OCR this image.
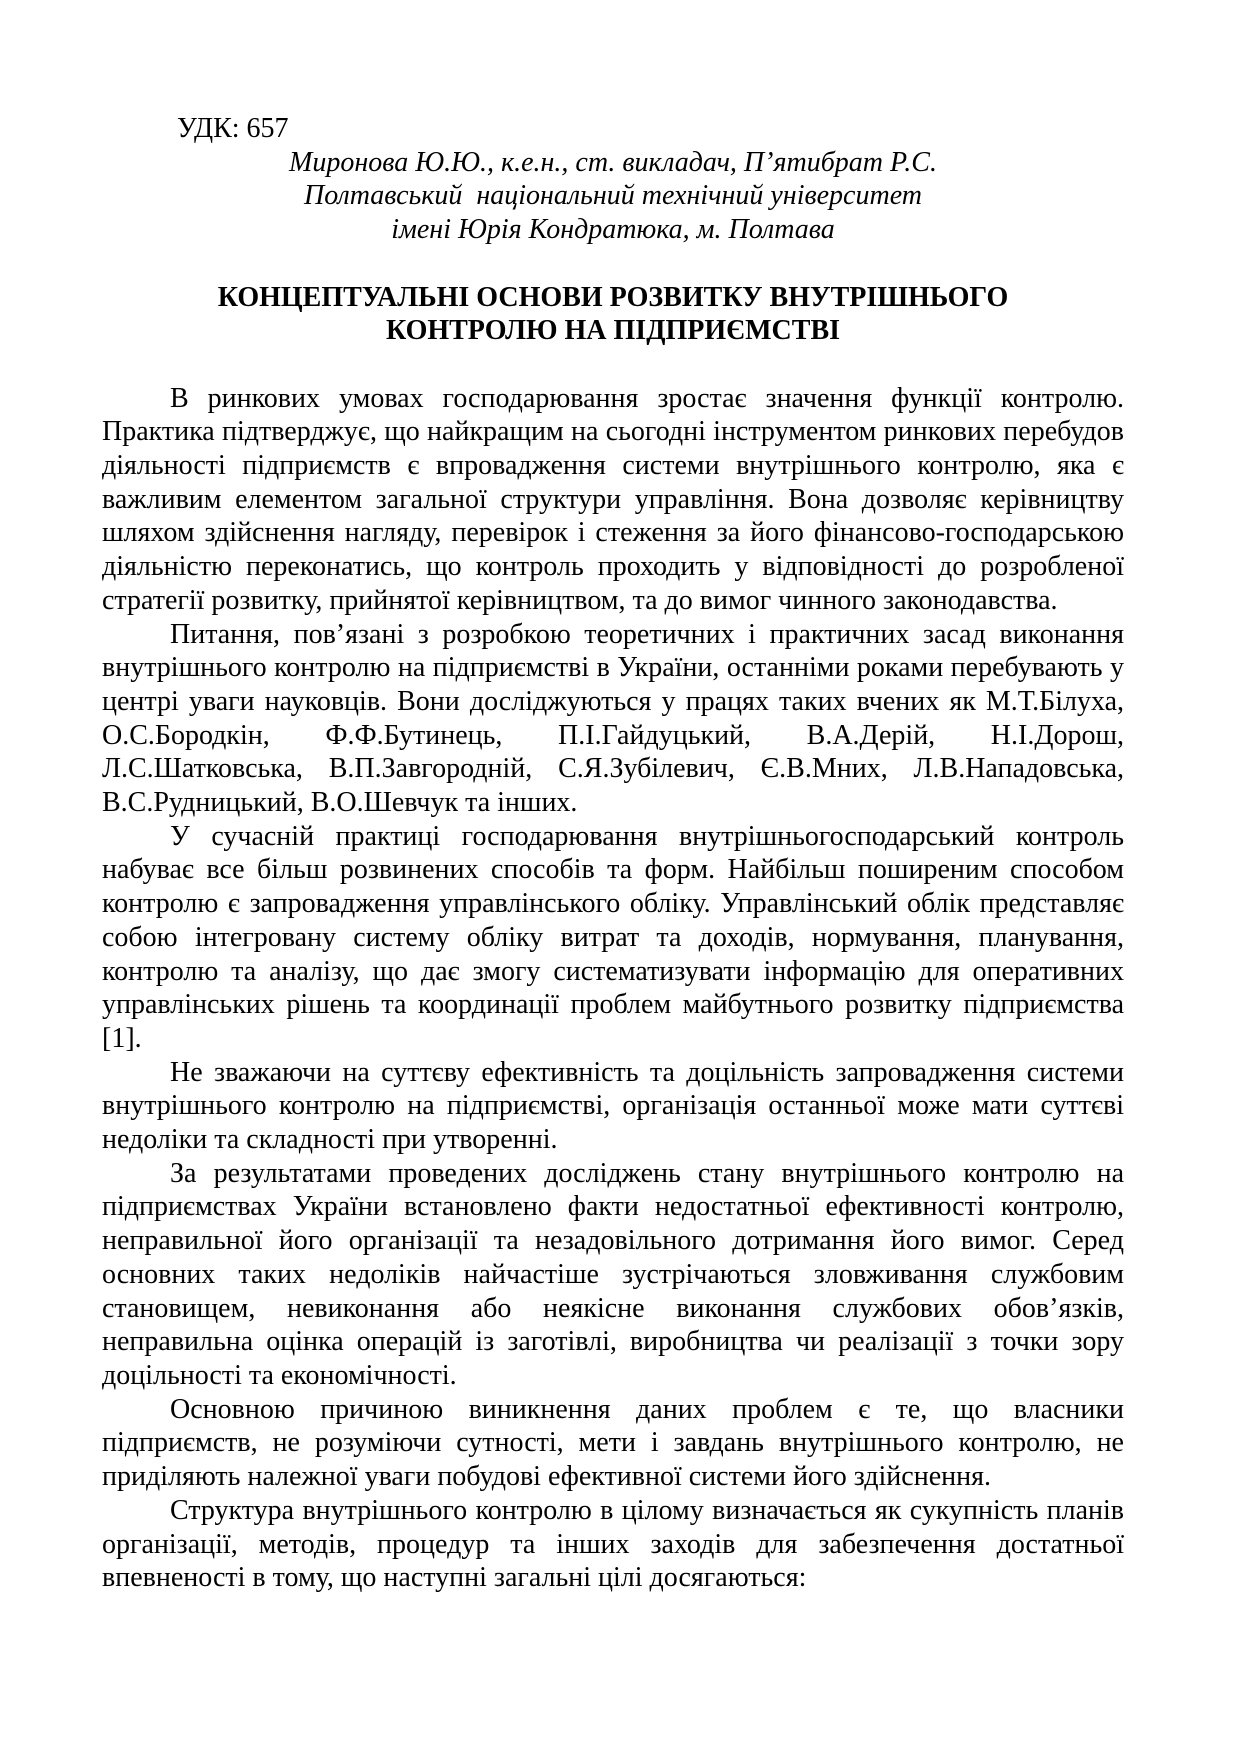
УДК: 657
Миронова Ю.Ю., к.е.н., ст. викладач, П’ятибрат Р.С.
Полтавський  національний технічний університет
імені Юрія Кондратюка, м. Полтава
КОНЦЕПТУАЛЬНІ ОСНОВИ РОЗВИТКУ ВНУТРІШНЬОГО
КОНТРОЛЮ НА ПІДПРИЄМСТВІ

В ринкових умовах господарювання зростає значення функції контролю. Практика підтверджує, що найкращим на сьогодні інструментом ринкових перебудов діяльності підприємств є впровадження системи внутрішнього контролю, яка є важливим елементом загальної структури управління. Вона дозволяє керівництву шляхом здійснення нагляду, перевірок і стеження за його фінансово-господарською діяльністю переконатись, що контроль проходить у відповідності до розробленої стратегії розвитку, прийнятої керівництвом, та до вимог чинного законодавства.

Питання, пов’язані з розробкою теоретичних і практичних засад виконання внутрішнього контролю на підприємстві в України, останніми роками перебувають у центрі уваги науковців. Вони досліджуються у працях таких вчених як М.Т.Білуха, О.С.Бородкін, Ф.Ф.Бутинець, П.І.Гайдуцький, В.А.Дерій, Н.І.Дорош, Л.С.Шатковська, В.П.Завгородній, С.Я.Зубілевич, Є.В.Мних, Л.В.Нападовська, В.С.Рудницький, В.О.Шевчук та інших.

У сучасній практиці господарювання внутрішньогосподарський контроль набуває все більш розвинених способів та форм. Найбільш поширеним способом контролю є запровадження управлінського обліку. Управлінський облік представляє собою інтегровану систему обліку витрат та доходів, нормування, планування, контролю та аналізу, що дає змогу систематизувати інформацію для оперативних управлінських рішень та координації проблем майбутнього розвитку підприємства [1].

Не зважаючи на суттєву ефективність та доцільність запровадження системи внутрішнього контролю на підприємстві, організація останньої може мати суттєві недоліки та складності при утворенні.

За результатами проведених досліджень стану внутрішнього контролю на підприємствах України встановлено факти недостатньої ефективності контролю, неправильної його організації та незадовільного дотримання його вимог. Серед основних таких недоліків найчастіше зустрічаються зловживання службовим становищем, невиконання або неякісне виконання службових обов’язків, неправильна оцінка операцій із заготівлі, виробництва чи реалізації з точки зору доцільності та економічності.

Основною причиною виникнення даних проблем є те, що власники підприємств, не розуміючи сутності, мети і завдань внутрішнього контролю, не приділяють належної уваги побудові ефективної системи його здійснення.

Структура внутрішнього контролю в цілому визначається як сукупність планів організації, методів, процедур та інших заходів для забезпечення достатньої впевненості в тому, що наступні загальні цілі досягаються:
